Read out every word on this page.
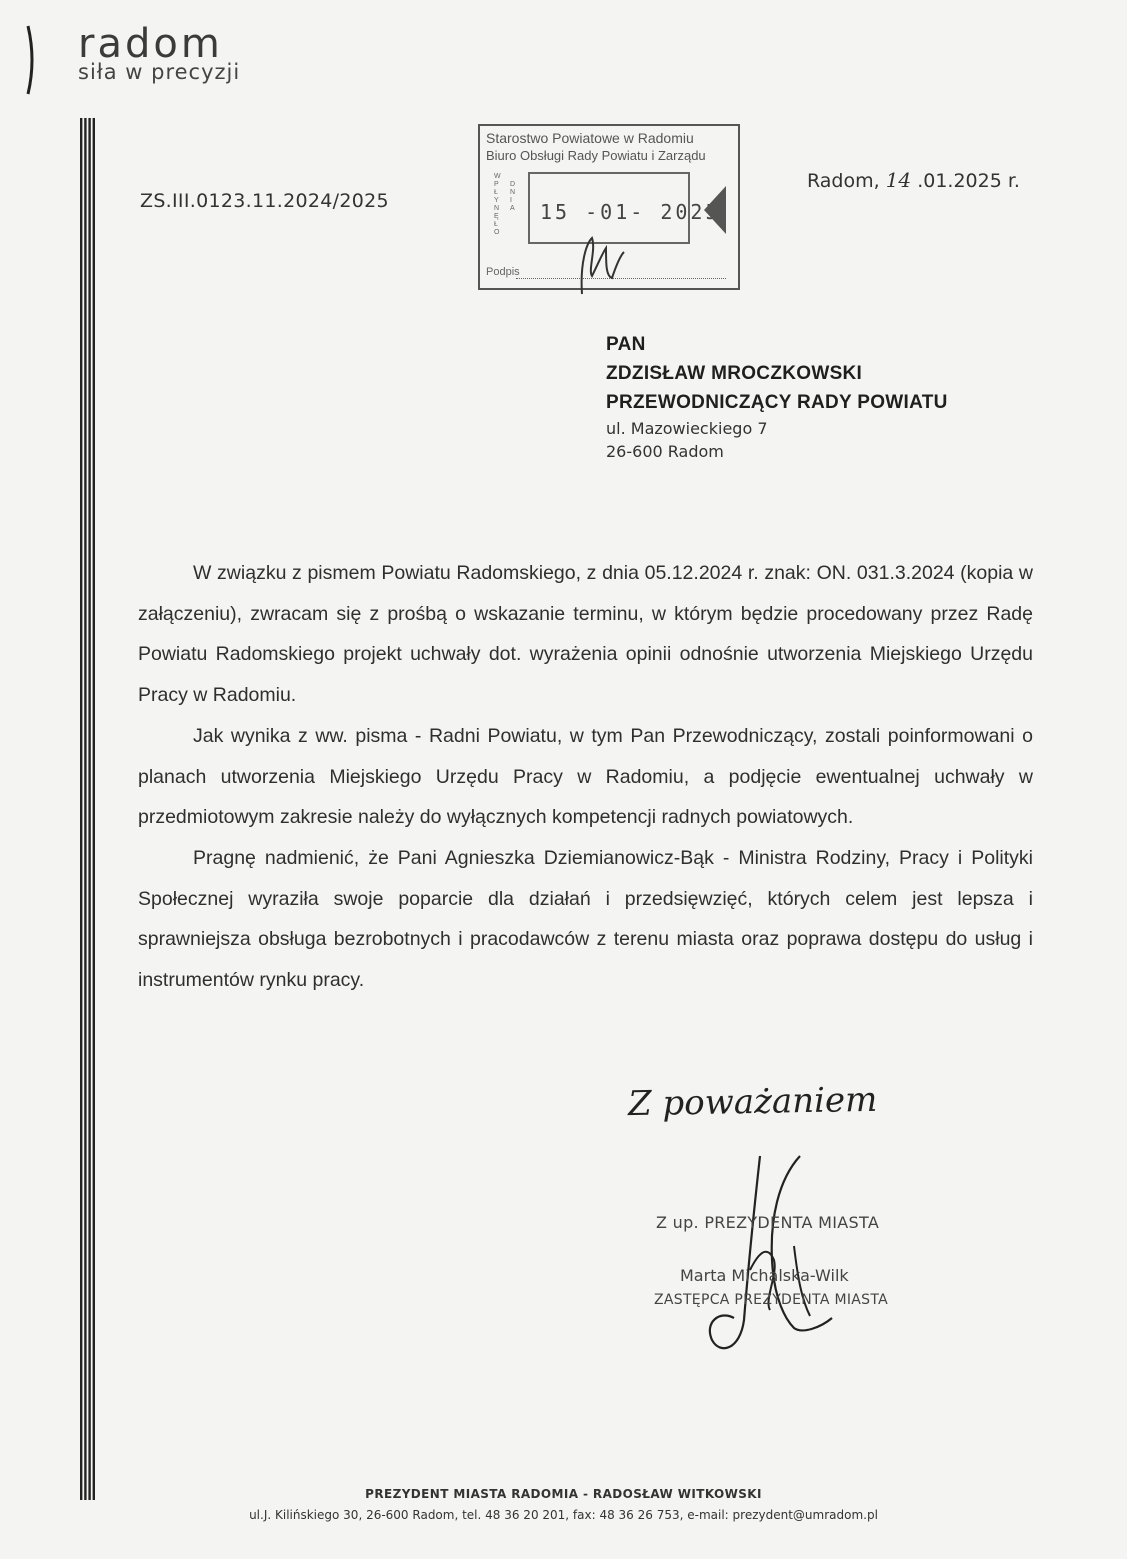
radom
siła w precyzji
ZS.III.0123.11.2024/2025
Starostwo Powiatowe w Radomiu
Biuro Obsługi Rady Powiatu i Zarządu
W
P
Ł
Y
N
Ę
Ł
O
D
N
I
A 15 -01- 2025
Podpis
Radom, 14 .01.2025 r.
PAN
ZDZISŁAW MROCZKOWSKI
PRZEWODNICZĄCY RADY POWIATU
ul. Mazowieckiego 7
26-600 Radom

W związku z pismem Powiatu Radomskiego, z dnia 05.12.2024 r. znak: ON. 031.3.2024 (kopia w załączeniu), zwracam się z prośbą o wskazanie terminu, w którym będzie procedowany przez Radę Powiatu Radomskiego projekt uchwały dot. wyrażenia opinii odnośnie utworzenia Miejskiego Urzędu Pracy w Radomiu.

Jak wynika z ww. pisma - Radni Powiatu, w tym Pan Przewodniczący, zostali poinformowani o planach utworzenia Miejskiego Urzędu Pracy w Radomiu, a podjęcie ewentualnej uchwały w przedmiotowym zakresie należy do wyłącznych kompetencji radnych powiatowych.

Pragnę nadmienić, że Pani Agnieszka Dziemianowicz-Bąk - Ministra Rodziny, Pracy i Polityki Społecznej wyraziła swoje poparcie dla działań i przedsięwzięć, których celem jest lepsza i sprawniejsza obsługa bezrobotnych i pracodawców z terenu miasta oraz poprawa dostępu do usług i instrumentów rynku pracy.

Z poważaniem
Z up. PREZYDENTA MIASTA
Marta Michalska-Wilk
ZASTĘPCA PREZYDENTA MIASTA
PREZYDENT MIASTA RADOMIA - RADOSŁAW WITKOWSKI
ul.J. Kilińskiego 30, 26-600 Radom, tel. 48 36 20 201, fax: 48 36 26 753, e-mail: prezydent@umradom.pl
